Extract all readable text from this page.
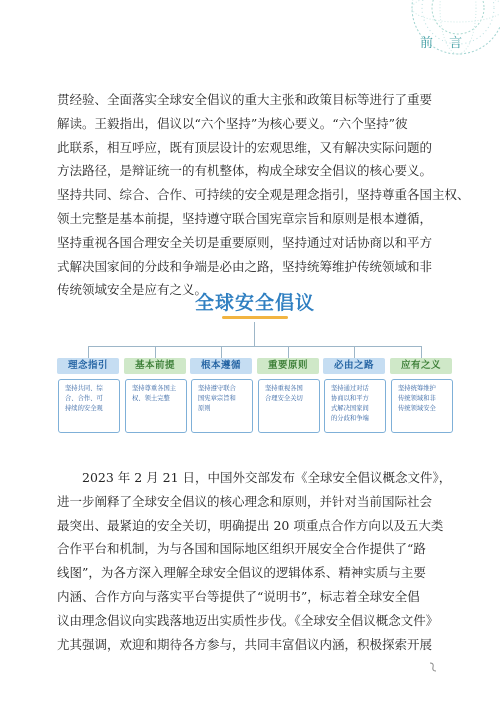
前 言
贯经验、全面落实全球安全倡议的重大主张和政策目标等进行了重要
解读。王毅指出，倡议以“六个坚持”为核心要义。“六个坚持”彼
此联系，相互呼应，既有顶层设计的宏观思维，又有解决实际问题的
方法路径，是辩证统一的有机整体，构成全球安全倡议的核心要义。
坚持共同、综合、合作、可持续的安全观是理念指引，坚持尊重各国主权、
领土完整是基本前提，坚持遵守联合国宪章宗旨和原则是根本遵循，
坚持重视各国合理安全关切是重要原则，坚持通过对话协商以和平方
式解决国家间的分歧和争端是必由之路，坚持统筹维护传统领域和非
传统领域安全是应有之义。
全球安全倡议
理念指引	基本前提	根本遵循	重要原则	必由之路	应有之义
坚持共同、综
合、合作、可
持续的安全观
坚持尊重各国主
权、领土完整
坚持遵守联合
国宪章宗旨和
原则
坚持重视各国
合理安全关切
坚持通过对话
协商以和平方
式解决国家间
的分歧和争端
坚持统筹维护
传统领域和非
传统领域安全
　　2023 年 2 月 21 日，中国外交部发布《全球安全倡议概念文件》，
进一步阐释了全球安全倡议的核心理念和原则，并针对当前国际社会
最突出、最紧迫的安全关切，明确提出 20 项重点合作方向以及五大类
合作平台和机制，为与各国和国际地区组织开展安全合作提供了“路
线图”，为各方深入理解全球安全倡议的逻辑体系、精神实质与主要
内涵、合作方向与落实平台等提供了“说明书”，标志着全球安全倡
议由理念倡议向实践落地迈出实质性步伐。《全球安全倡议概念文件》
尤其强调，欢迎和期待各方参与，共同丰富倡议内涵，积极探索开展
